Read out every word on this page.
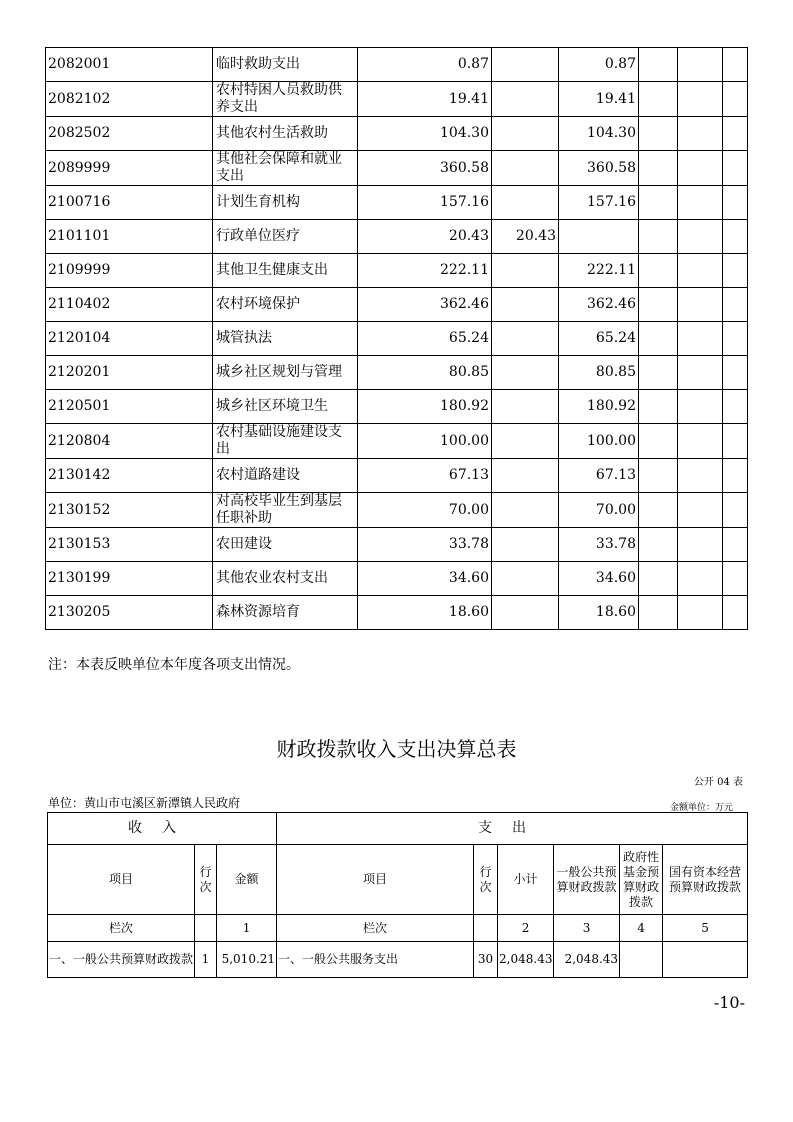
2082001	临时救助支出	0.87		0.87			
2082102	农村特困人员救助供养支出	19.41		19.41			
2082502	其他农村生活救助	104.30		104.30			
2089999	其他社会保障和就业支出	360.58		360.58			
2100716	计划生育机构	157.16		157.16			
2101101	行政单位医疗	20.43	20.43				
2109999	其他卫生健康支出	222.11		222.11			
2110402	农村环境保护	362.46		362.46			
2120104	城管执法	65.24		65.24			
2120201	城乡社区规划与管理	80.85		80.85			
2120501	城乡社区环境卫生	180.92		180.92			
2120804	农村基础设施建设支出	100.00		100.00			
2130142	农村道路建设	67.13		67.13			
2130152	对高校毕业生到基层任职补助	70.00		70.00			
2130153	农田建设	33.78		33.78			
2130199	其他农业农村支出	34.60		34.60			
2130205	森林资源培育	18.60		18.60			
注：本表反映单位本年度各项支出情况。
财政拨款收入支出决算总表
公开 04 表
单位：黄山市屯溪区新潭镇人民政府	金额单位：万元
收入			支出					
项目	行次	金额	项目	行次	小计	一般公共预算财政拨款	政府性基金预算财政拨款	国有资本经营预算财政拨款
栏次		1	栏次		2	3	4	5
一、一般公共预算财政拨款	1	5,010.21	一、一般公共服务支出	30	2,048.43	2,048.43		
-10-
